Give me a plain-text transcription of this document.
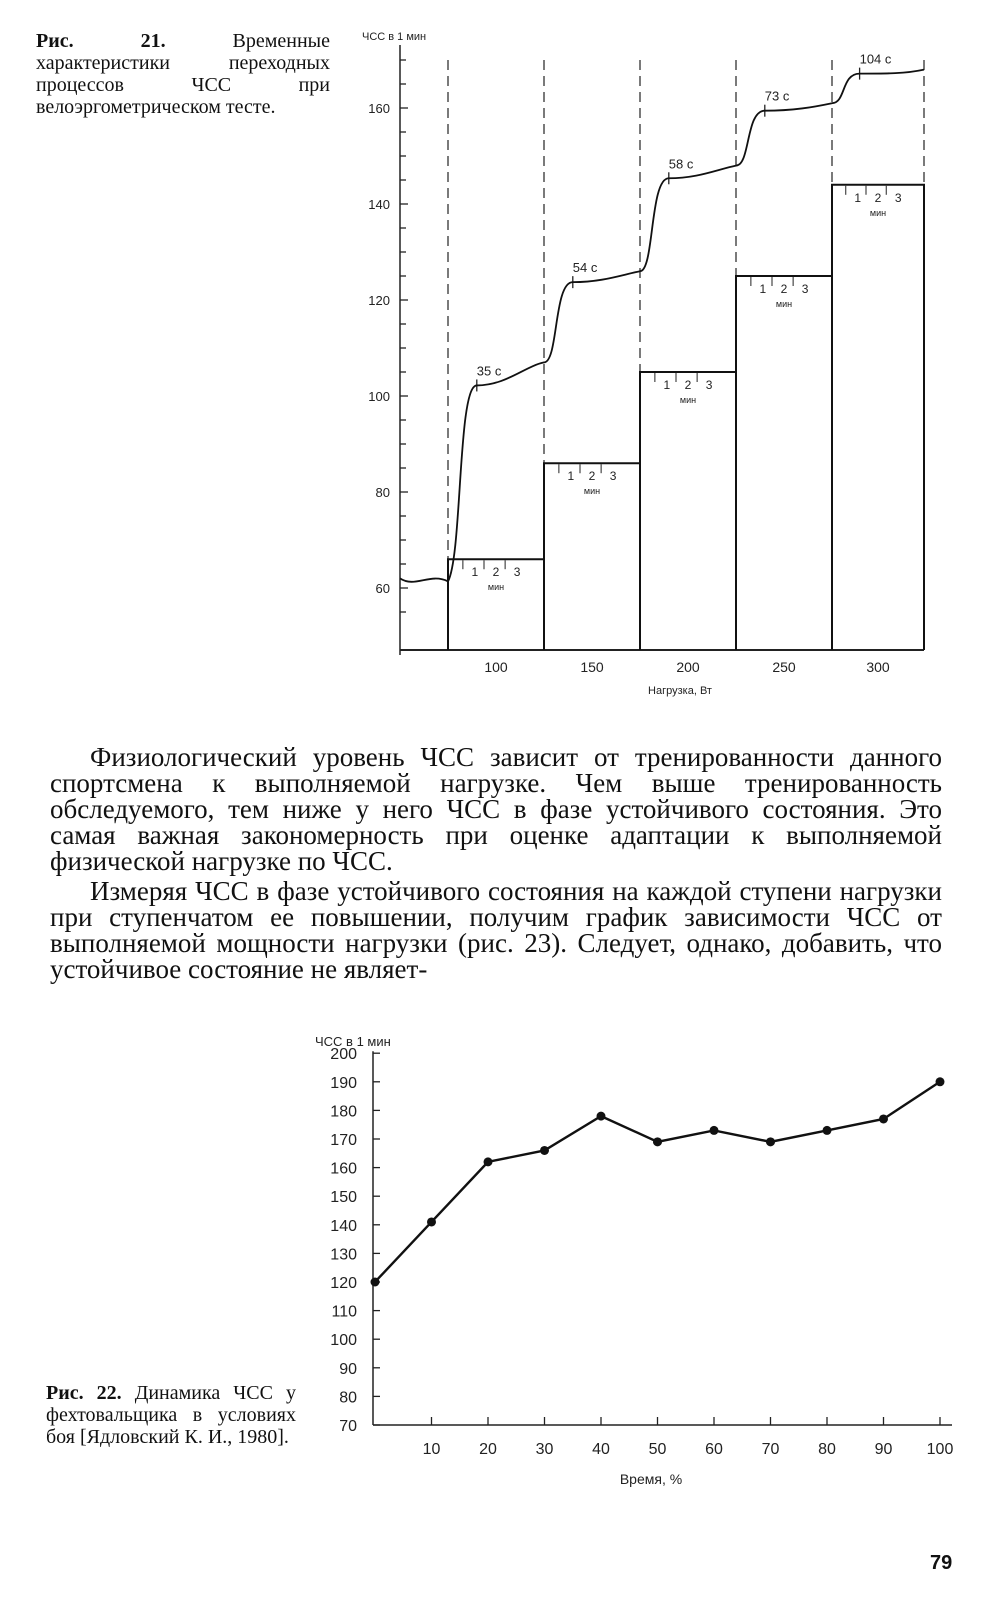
Рис. 21.	Временные характеристики переходных процессов ЧСС при велоэргометрическом тесте.

60
80
100
120
140
160
ЧСС в 1 мин
1 2 3
мин
1 2 3
мин
1 2 3
мин
1 2 3
мин
1 2 3
мин
100	150	200	250	300
Нагрузка, Вт
35 с
54 с
58 с
73 с
104 с

Физиологический уровень ЧСС зависит от тренированности данного спортсмена к выполняемой нагрузке. Чем выше тренированность обследуемого, тем ниже у него ЧСС в фазе устойчивого состояния. Это самая важная закономерность при оценке адаптации к выполняемой физической нагрузке по ЧСС.

Измеряя ЧСС в фазе устойчивого состояния на каждой ступени нагрузки при ступенчатом ее повышении, получим график зависимости ЧСС от выполняемой мощности нагрузки (рис. 23). Следует, однако, добавить, что устойчивое состояние не являет-

70
80
90
100
110
120
130
140
150
160
170
180
190
200
ЧСС в 1 мин
10 20 30 40 50 60 70 80 90 100
Время, %

Рис. 22. Динамика ЧСС у фехтовальщика в условиях боя [Ядловский К. И., 1980].

79
